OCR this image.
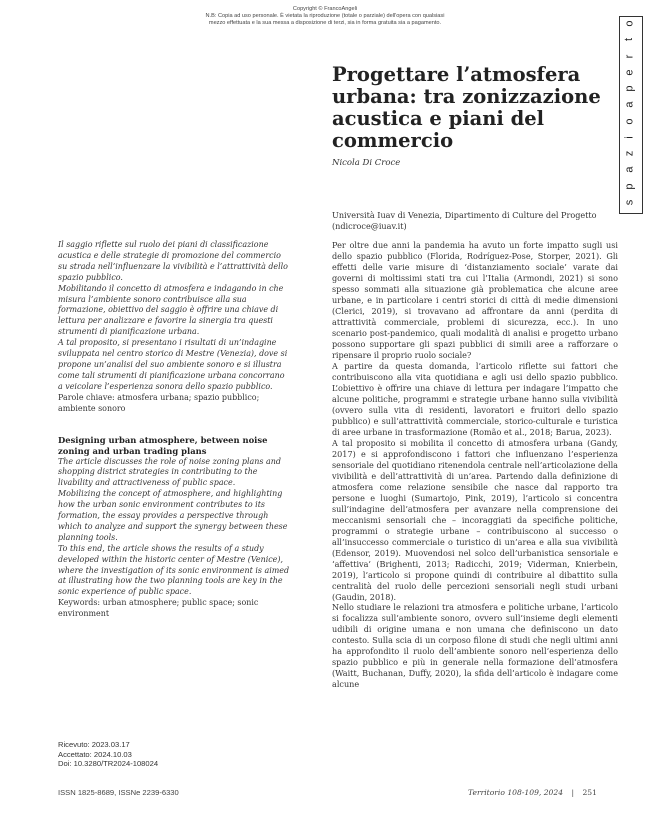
Copyright © FrancoAngeli
N.B: Copia ad uso personale. È vietata la riproduzione (totale o parziale) dell'opera con qualsiasi
mezzo effettuata e la sua messa a disposizione di terzi, sia in forma gratuita sia a pagamento.	o
t
r
e
p
a
o
i
z
a
p
s
Progettare l’atmosfera urbana: tra zonizzazione acustica e piani del commercio
Nicola Di Croce
Università Iuav di Venezia, Dipartimento di Culture del Progetto
(ndicroce@iuav.it)

Il saggio riflette sul ruolo dei piani di classificazione acustica e delle strategie di promozione del commercio su strada nell’influenzare la vivibilità e l’attrattività dello spazio pubblico.

Mobilitando il concetto di atmosfera e indagando in che misura l’ambiente sonoro contribuisce alla sua formazione, obiettivo del saggio è offrire una chiave di lettura per analizzare e favorire la sinergia tra questi strumenti di pianificazione urbana.

A tal proposito, si presentano i risultati di un’indagine sviluppata nel centro storico di Mestre (Venezia), dove si propone un’analisi del suo ambiente sonoro e si illustra come tali strumenti di pianificazione urbana concorrano a veicolare l’esperienza sonora dello spazio pubblico.

Parole chiave: atmosfera urbana; spazio pubblico; ambiente sonoro

Designing urban atmosphere, between noise zoning and urban trading plans

The article discusses the role of noise zoning plans and shopping district strategies in contributing to the livability and attractiveness of public space.

Mobilizing the concept of atmosphere, and highlighting how the urban sonic environment contributes to its formation, the essay provides a perspective through which to analyze and support the synergy between these planning tools.

To this end, the article shows the results of a study developed within the historic center of Mestre (Venice), where the investigation of its sonic environment is aimed at illustrating how the two planning tools are key in the sonic experience of public space.

Keywords: urban atmosphere; public space; sonic environment

Ricevuto: 2023.03.17
Accettato: 2024.10.03
Doi: 10.3280/TR2024-108024

Per oltre due anni la pandemia ha avuto un forte impatto sugli usi dello spazio pubblico (Florida, Rodríguez-Pose, Storper, 2021). Gli effetti delle varie misure di ‘distanziamento sociale’ varate dai governi di moltissimi stati tra cui l’Italia (Armondi, 2021) si sono spesso sommati alla situazione già problematica che alcune aree urbane, e in particolare i centri storici di città di medie dimensioni (Clerici, 2019), si trovavano ad affrontare da anni (perdita di attrattività commerciale, problemi di sicurezza, ecc.). In uno scenario post-pandemico, quali modalità di analisi e progetto urbano possono supportare gli spazi pubblici di simili aree a rafforzare o ripensare il proprio ruolo sociale?

A partire da questa domanda, l’articolo riflette sui fattori che contribuiscono alla vita quotidiana e agli usi dello spazio pubblico. L’obiettivo è offrire una chiave di lettura per indagare l’impatto che alcune politiche, programmi e strategie urbane hanno sulla vivibilità (ovvero sulla vita di residenti, lavoratori e fruitori dello spazio pubblico) e sull’attrattività commerciale, storico-culturale e turistica di aree urbane in trasformazione (Romão et al., 2018; Barua, 2023).

A tal proposito si mobilita il concetto di atmosfera urbana (Gandy, 2017) e si approfondiscono i fattori che influenzano l’esperienza sensoriale del quotidiano ritenendola centrale nell’articolazione della vivibilità e dell’attrattività di un’area. Partendo dalla definizione di atmosfera come relazione sensibile che nasce dal rapporto tra persone e luoghi (Sumartojo, Pink, 2019), l’articolo si concentra sull’indagine dell’atmosfera per avanzare nella comprensione dei meccanismi sensoriali che – incoraggiati da specifiche politiche, programmi o strategie urbane – contribuiscono al successo o all’insuccesso commerciale o turistico di un’area e alla sua vivibilità (Edensor, 2019). Muovendosi nel solco dell’urbanistica sensoriale e ‘affettiva’ (Brighenti, 2013; Radicchi, 2019; Viderman, Knierbein, 2019), l’articolo si propone quindi di contribuire al dibattito sulla centralità del ruolo delle percezioni sensoriali negli studi urbani (Gaudin, 2018).

Nello studiare le relazioni tra atmosfera e politiche urbane, l’articolo si focalizza sull’ambiente sonoro, ovvero sull’insieme degli elementi udibili di origine umana e non umana che definiscono un dato contesto. Sulla scia di un corposo filone di studi che negli ultimi anni ha approfondito il ruolo dell’ambiente sonoro nell’esperienza dello spazio pubblico e più in generale nella formazione dell’atmosfera (Waitt, Buchanan, Duffy, 2020), la sfida dell’articolo è indagare come alcune

ISSN 1825-8689, ISSNe 2239-6330	Territorio 108-109, 2024 | 251
